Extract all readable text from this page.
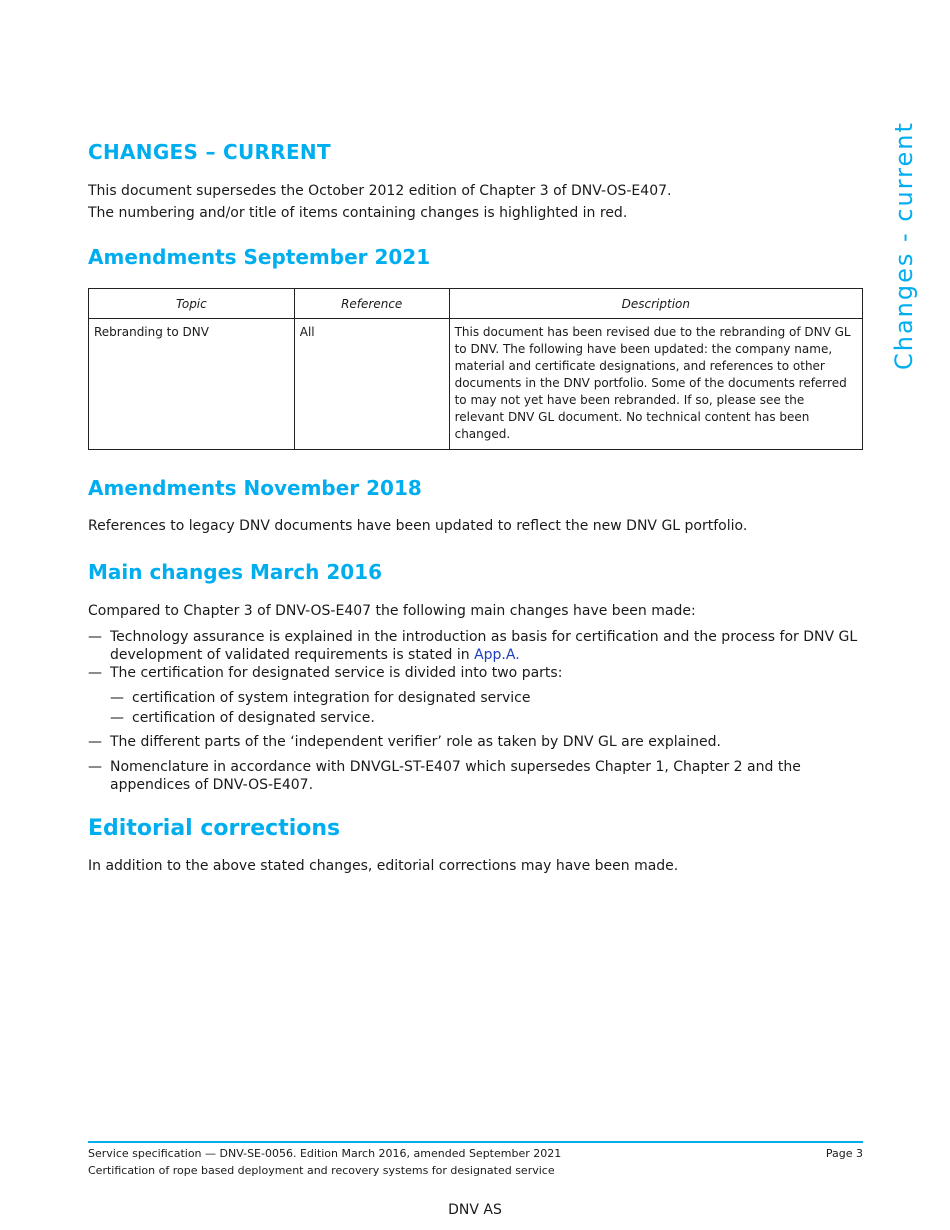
CHANGES – CURRENT

This document supersedes the October 2012 edition of Chapter 3 of DNV-OS-E407.

The numbering and/or title of items containing changes is highlighted in red.	Changes - current
Amendments September 2021
Topic	Reference	Description
Rebranding to DNV	All	This document has been revised due to the rebranding of DNV GL to DNV. The following have been updated: the company name, material and certificate designations, and references to other documents in the DNV portfolio. Some of the documents referred to may not yet have been rebranded. If so, please see the relevant DNV GL document. No technical content has been changed.
Amendments November 2018

References to legacy DNV documents have been updated to reflect the new DNV GL portfolio.

Main changes March 2016

Compared to Chapter 3 of DNV-OS-E407 the following main changes have been made:

— Technology assurance is explained in the introduction as basis for certification and the process for DNV GL development of validated requirements is stated in App.A.
— The certification for designated service is divided into two parts:
— certification of system integration for designated service
— certification of designated service.
— The different parts of the ‘independent verifier’ role as taken by DNV GL are explained.
— Nomenclature in accordance with DNVGL-ST-E407 which supersedes Chapter 1, Chapter 2 and the appendices of DNV-OS-E407.
Editorial corrections

In addition to the above stated changes, editorial corrections may have been made.

Service specification — DNV-SE-0056. Edition March 2016, amended September 2021	Page 3
Certification of rope based deployment and recovery systems for designated service
DNV AS
